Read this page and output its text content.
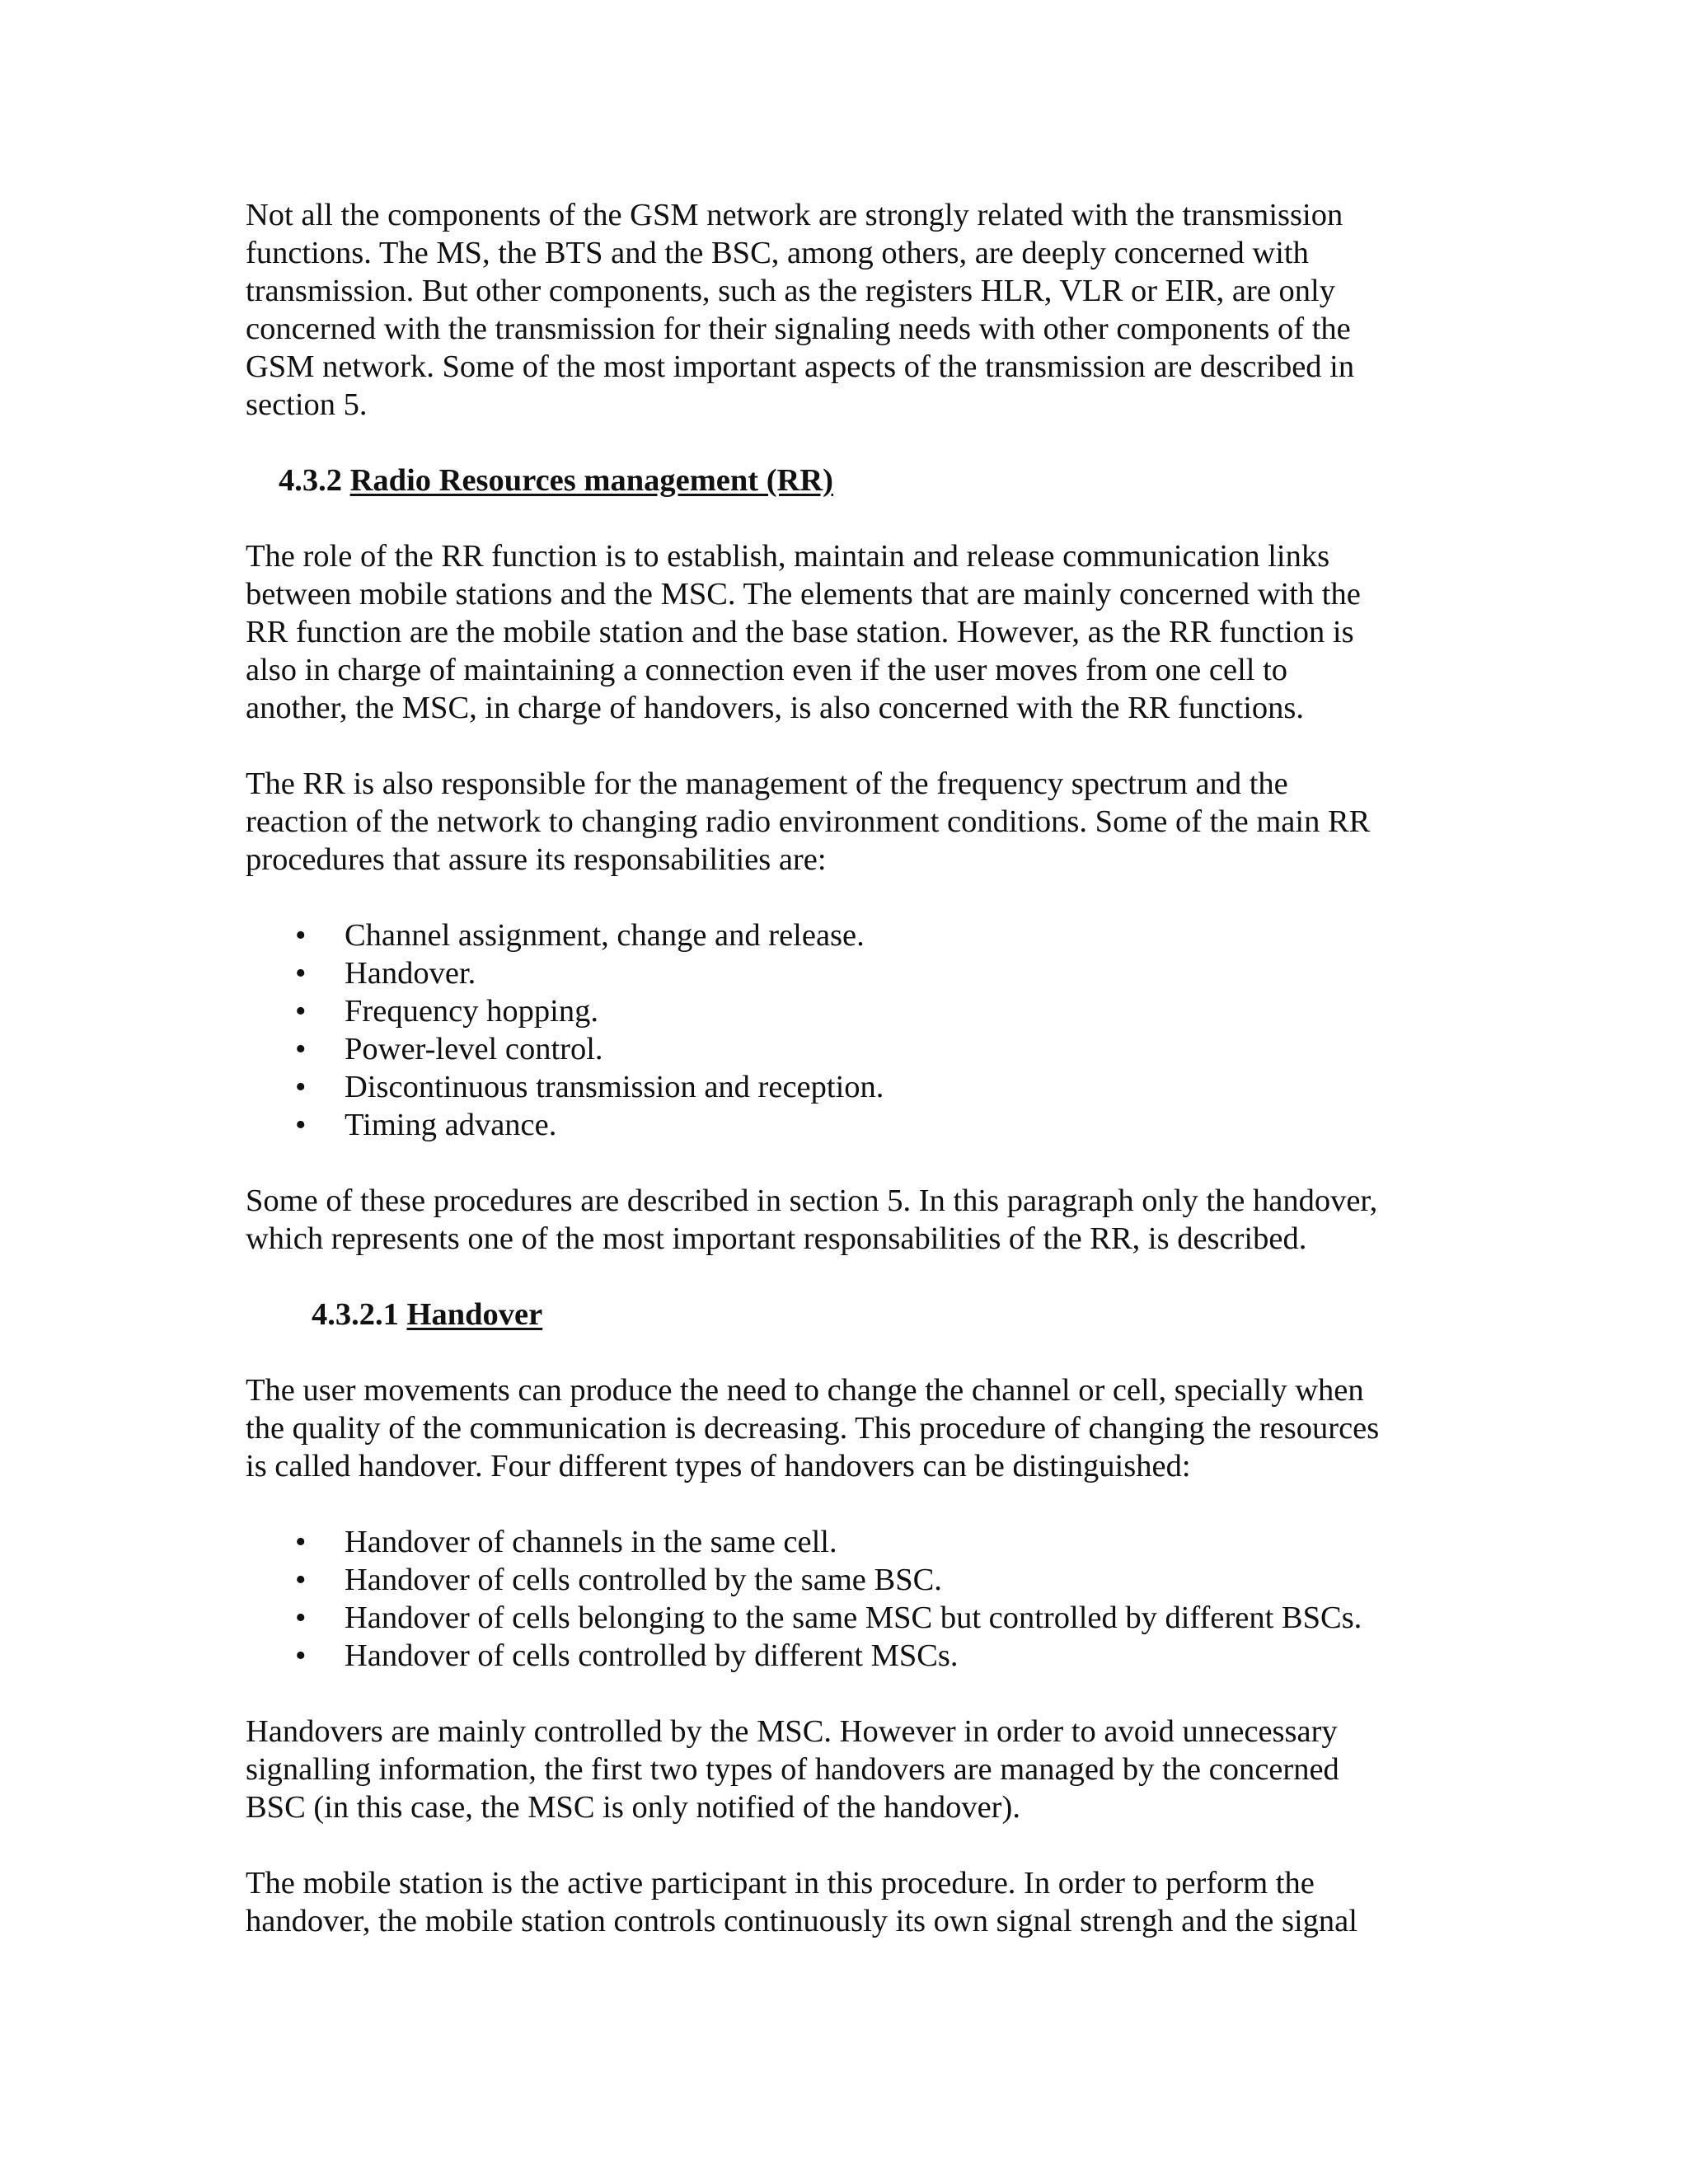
Not all the components of the GSM network are strongly related with the transmission
functions. The MS, the BTS and the BSC, among others, are deeply concerned with
transmission. But other components, such as the registers HLR, VLR or EIR, are only
concerned with the transmission for their signaling needs with other components of the
GSM network. Some of the most important aspects of the transmission are described in
section 5.

4.3.2 Radio Resources management (RR)

The role of the RR function is to establish, maintain and release communication links
between mobile stations and the MSC. The elements that are mainly concerned with the
RR function are the mobile station and the base station. However, as the RR function is
also in charge of maintaining a connection even if the user moves from one cell to
another, the MSC, in charge of handovers, is also concerned with the RR functions.

The RR is also responsible for the management of the frequency spectrum and the
reaction of the network to changing radio environment conditions. Some of the main RR
procedures that assure its responsabilities are:

•	Channel assignment, change and release.
•	Handover.
•	Frequency hopping.
•	Power-level control.
•	Discontinuous transmission and reception.
•	Timing advance.

Some of these procedures are described in section 5. In this paragraph only the handover,
which represents one of the most important responsabilities of the RR, is described.

4.3.2.1 Handover

The user movements can produce the need to change the channel or cell, specially when
the quality of the communication is decreasing. This procedure of changing the resources
is called handover. Four different types of handovers can be distinguished:

•	Handover of channels in the same cell.
•	Handover of cells controlled by the same BSC.
•	Handover of cells belonging to the same MSC but controlled by different BSCs.
•	Handover of cells controlled by different MSCs.

Handovers are mainly controlled by the MSC. However in order to avoid unnecessary
signalling information, the first two types of handovers are managed by the concerned
BSC (in this case, the MSC is only notified of the handover).

The mobile station is the active participant in this procedure. In order to perform the
handover, the mobile station controls continuously its own signal strengh and the signal
